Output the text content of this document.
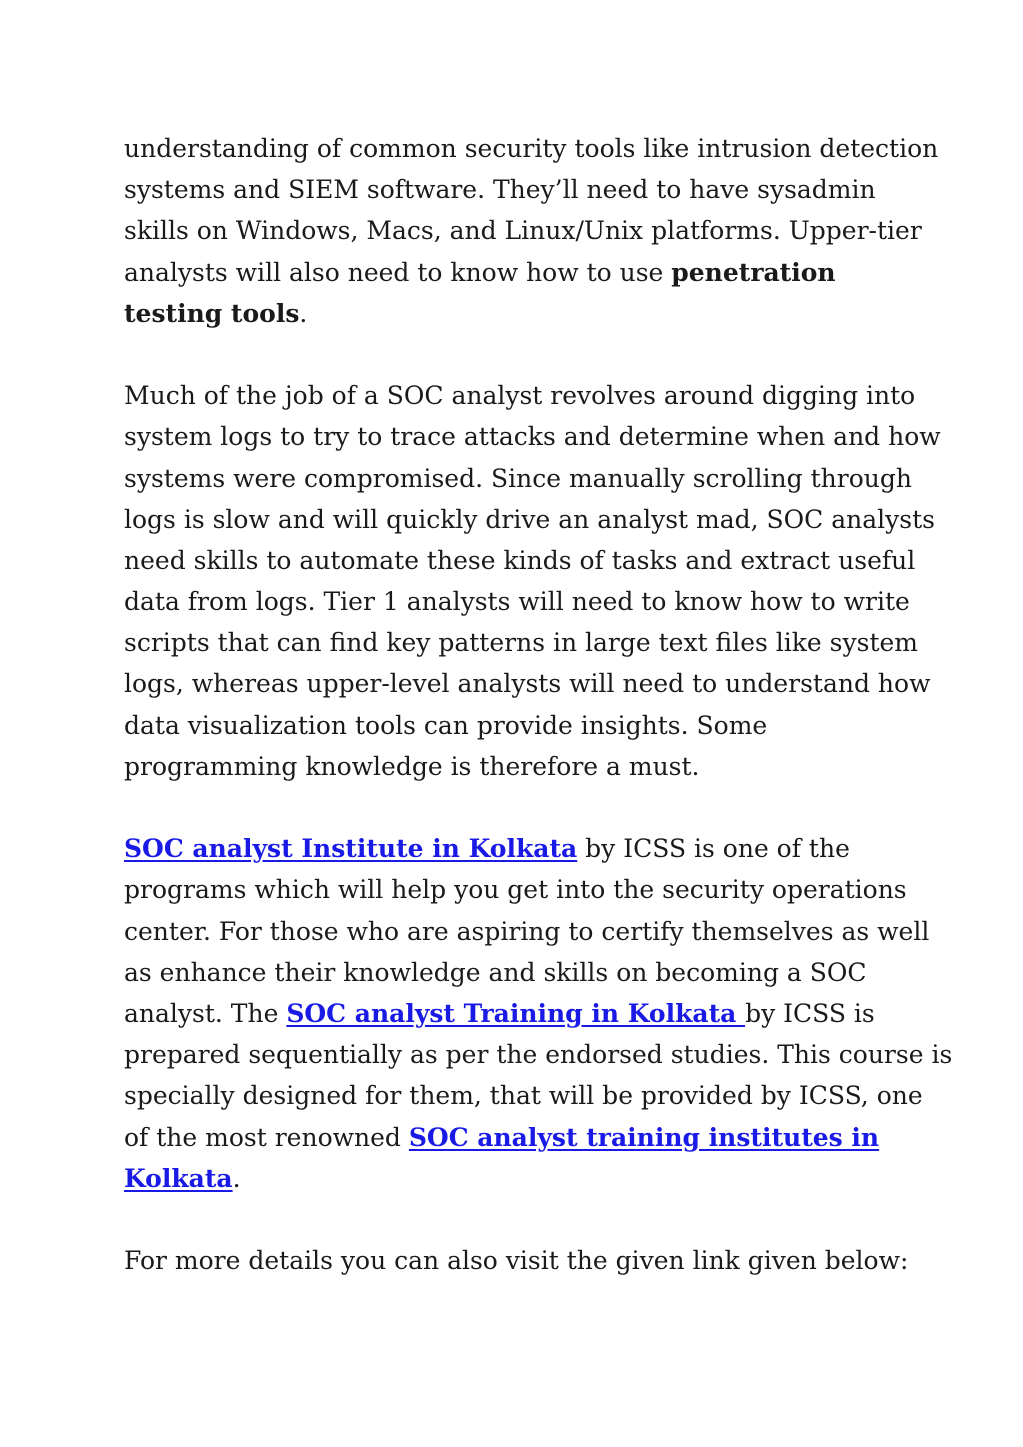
understanding of common security tools like intrusion detection
systems and SIEM software. They’ll need to have sysadmin
skills on Windows, Macs, and Linux/Unix platforms. Upper-tier
analysts will also need to know how to use penetration
testing tools.
Much of the job of a SOC analyst revolves around digging into
system logs to try to trace attacks and determine when and how
systems were compromised. Since manually scrolling through
logs is slow and will quickly drive an analyst mad, SOC analysts
need skills to automate these kinds of tasks and extract useful
data from logs. Tier 1 analysts will need to know how to write
scripts that can find key patterns in large text files like system
logs, whereas upper-level analysts will need to understand how
data visualization tools can provide insights. Some
programming knowledge is therefore a must.
SOC analyst Institute in Kolkata by ICSS is one of the
programs which will help you get into the security operations
center. For those who are aspiring to certify themselves as well
as enhance their knowledge and skills on becoming a SOC
analyst. The SOC analyst Training in Kolkata by ICSS is
prepared sequentially as per the endorsed studies. This course is
specially designed for them, that will be provided by ICSS, one
of the most renowned SOC analyst training institutes in
Kolkata.
For more details you can also visit the given link given below:
